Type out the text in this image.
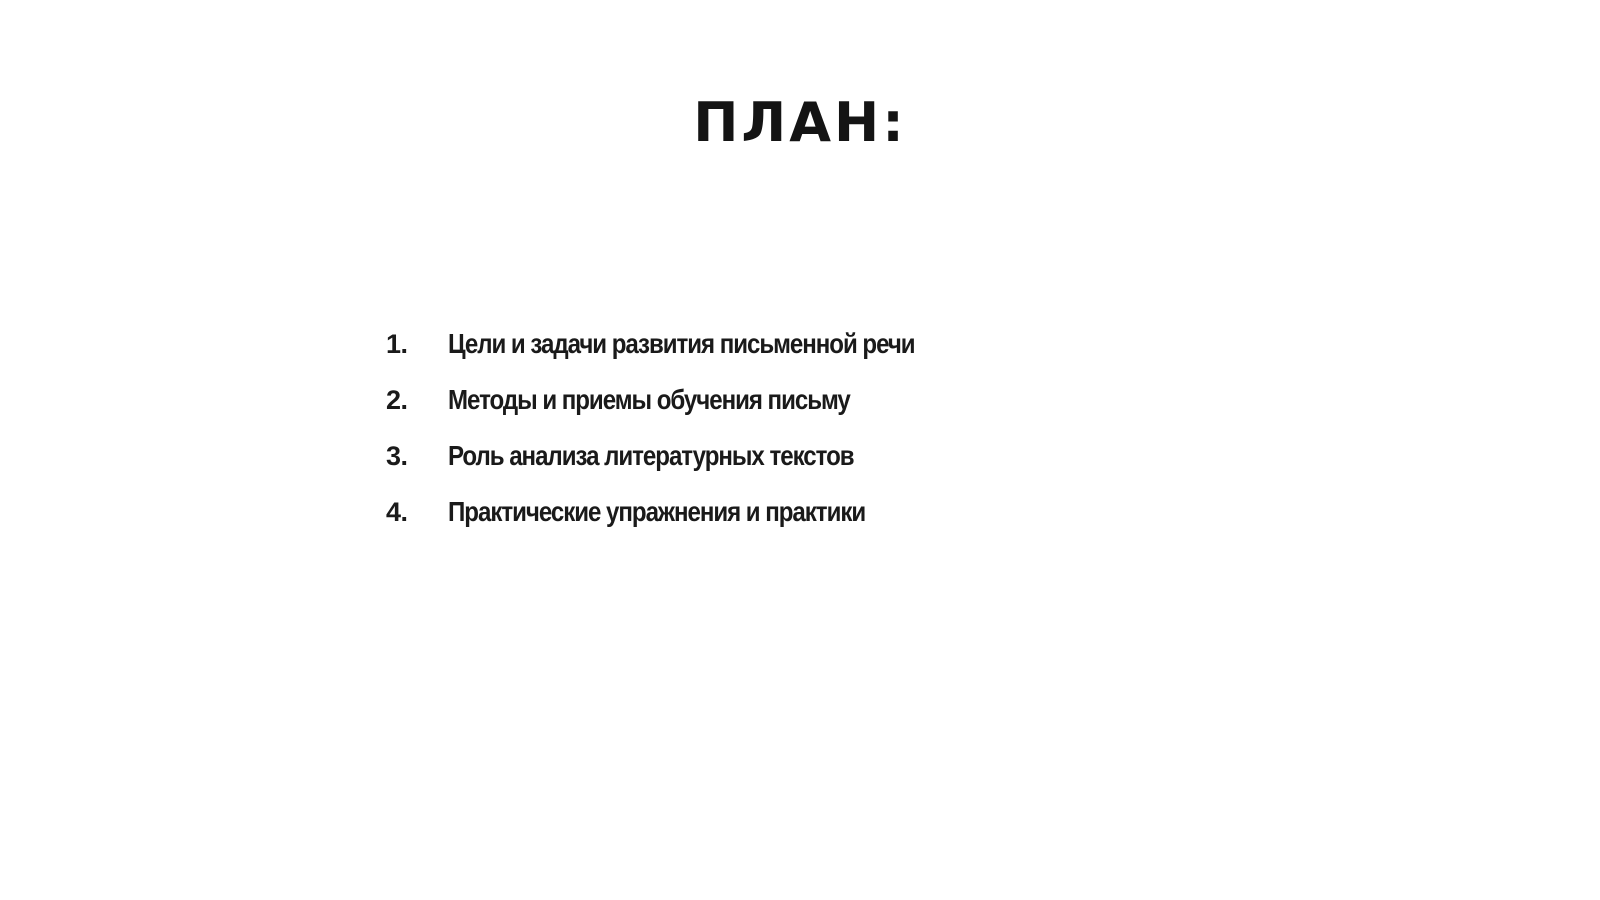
ПЛАН:
1.	Цели и задачи развития письменной речи
2.	Методы и приемы обучения письму
3.	Роль анализа литературных текстов
4.	Практические упражнения и практики
